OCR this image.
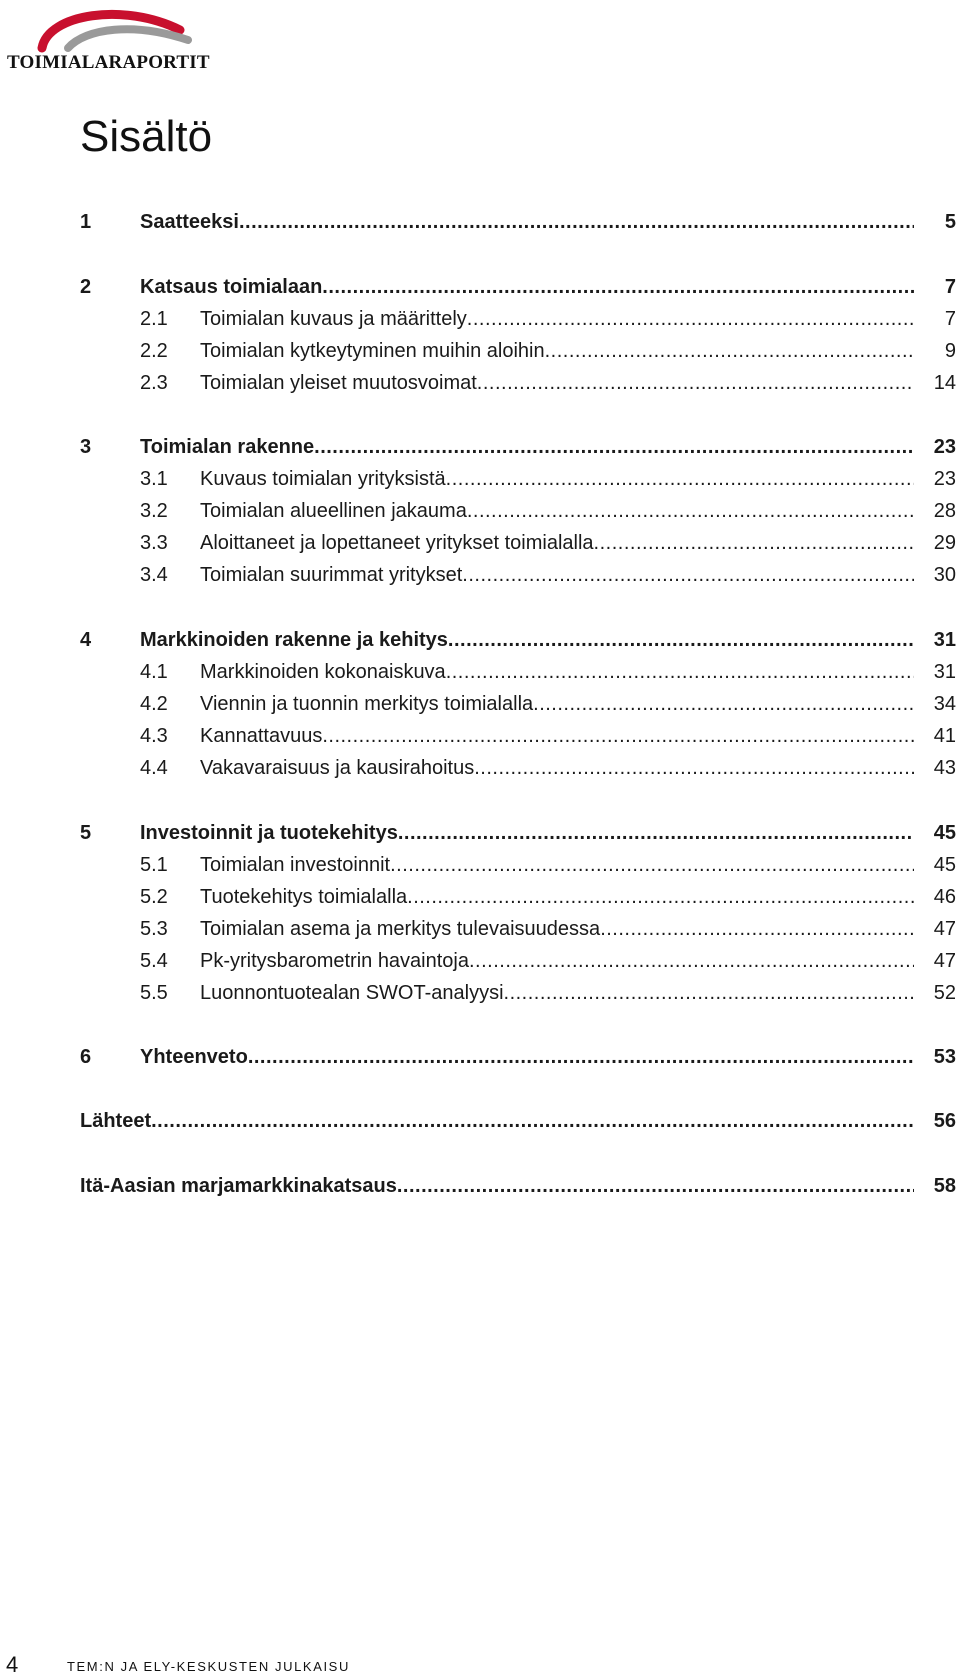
TOIMIALARAPORTIT
Sisältö
1 Saatteeksi .....	5
2 Katsaus toimialaan .....	7
2.1 Toimialan kuvaus ja määrittely .....	7
2.2 Toimialan kytkeytyminen muihin aloihin .....	9
2.3 Toimialan yleiset muutosvoimat .....	14
3 Toimialan rakenne .....	23
3.1 Kuvaus toimialan yrityksistä .....	23
3.2 Toimialan alueellinen jakauma .....	28
3.3 Aloittaneet ja lopettaneet yritykset toimialalla .....	29
3.4 Toimialan suurimmat yritykset .....	30
4 Markkinoiden rakenne ja kehitys .....	31
4.1 Markkinoiden kokonaiskuva .....	31
4.2 Viennin ja tuonnin merkitys toimialalla .....	34
4.3 Kannattavuus .....	41
4.4 Vakavaraisuus ja kausirahoitus .....	43
5 Investoinnit ja tuotekehitys .....	45
5.1 Toimialan investoinnit .....	45
5.2 Tuotekehitys toimialalla .....	46
5.3 Toimialan asema ja merkitys tulevaisuudessa .....	47
5.4 Pk-yritysbarometrin havaintoja .....	47
5.5 Luonnontuotealan SWOT-analyysi .....	52
6 Yhteenveto .....	53
Lähteet .....	56
Itä-Aasian marjamarkkinakatsaus .....	58
4	TEM:N JA ELY-KESKUSTEN JULKAISU
